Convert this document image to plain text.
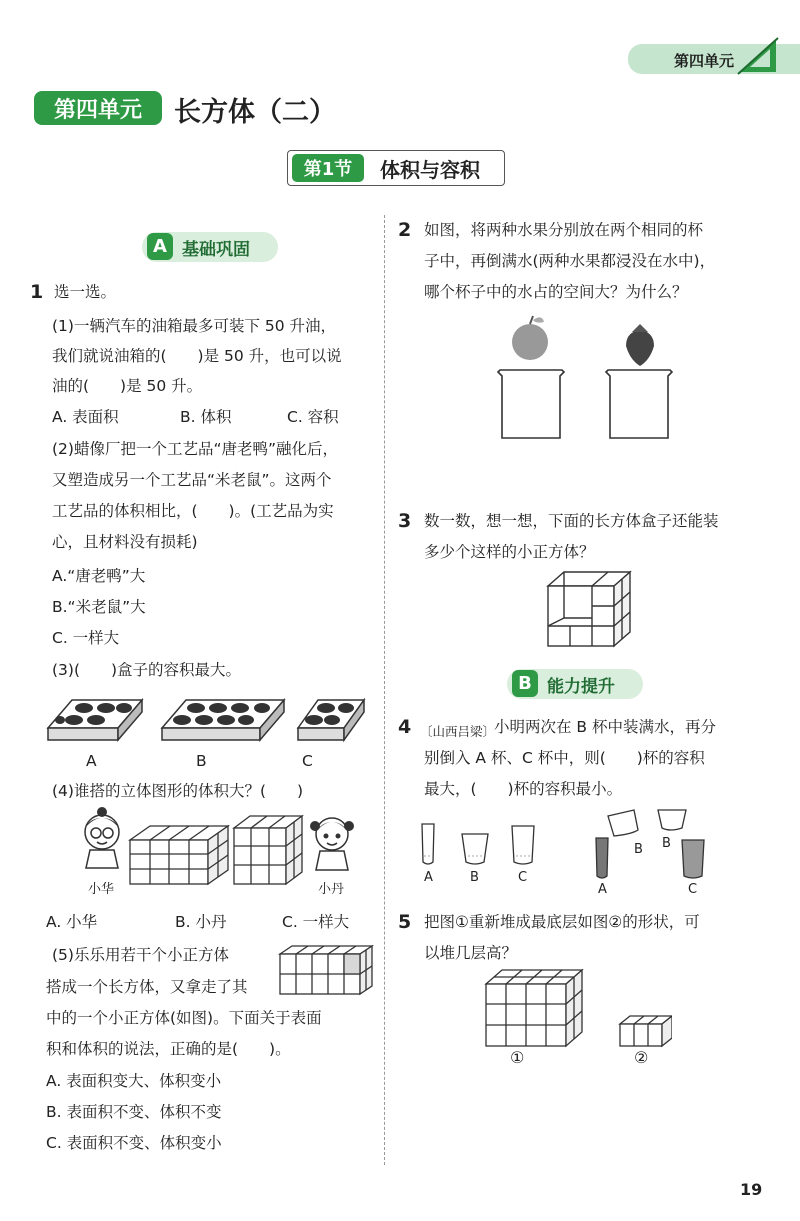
第四单元
第四单元	长方体（二）
第1节	体积与容积
A 基础巩固
1 选一选。
(1)一辆汽车的油箱最多可装下 50 升油，
我们就说油箱的(　　)是 50 升，也可以说
油的(　　)是 50 升。
A. 表面积	B. 体积	C. 容积
(2)蜡像厂把一个工艺品“唐老鸭”融化后，
又塑造成另一个工艺品“米老鼠”。这两个
工艺品的体积相比，(　　)。(工艺品为实
心，且材料没有损耗)
A.“唐老鸭”大
B.“米老鼠”大
C. 一样大
(3)(　　)盒子的容积最大。
A	B	C
(4)谁搭的立体图形的体积大？(　　)
小华	小丹
A. 小华	B. 小丹	C. 一样大
(5)乐乐用若干个小正方体
搭成一个长方体，又拿走了其
中的一个小正方体(如图)。下面关于表面
积和体积的说法，正确的是(　　)。
A. 表面积变大、体积变小
B. 表面积不变、体积不变
C. 表面积不变、体积变小
2 如图，将两种水果分别放在两个相同的杯
子中，再倒满水(两种水果都浸没在水中)，
哪个杯子中的水占的空间大？为什么？
3 数一数，想一想，下面的长方体盒子还能装
多少个这样的小正方体？
B 能力提升
4 〔山西吕梁〕
小明两次在 B 杯中装满水，再分
别倒入 A 杯、C 杯中，则(　　)杯的容积
最大，(　　)杯的容积最小。
A	B	C
B B
A	C
5 把图①重新堆成最底层如图②的形状，可
以堆几层高？
①	②
19
